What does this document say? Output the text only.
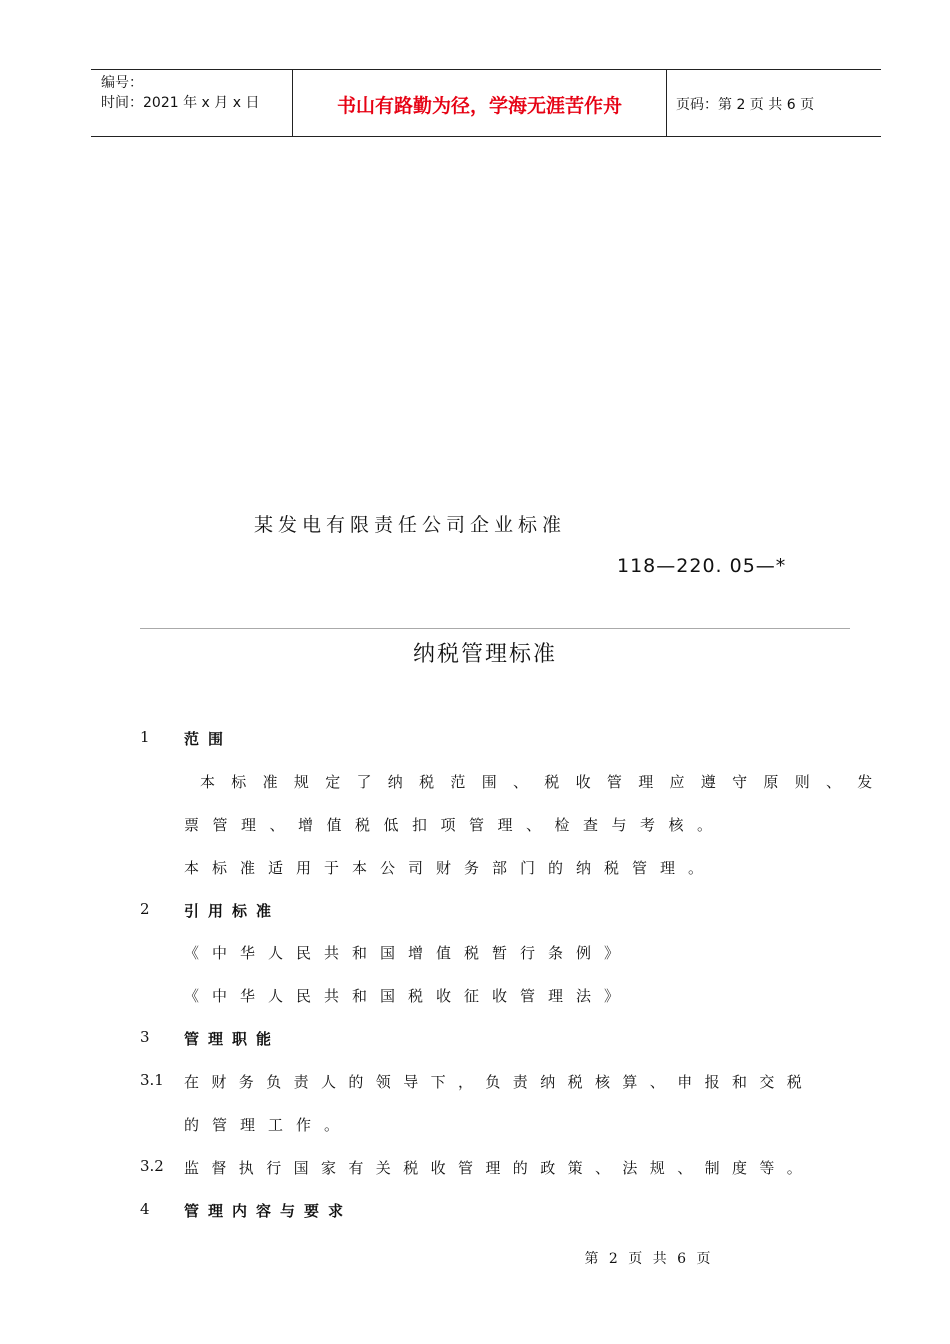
编号：
时间：2021 年 x 月 x 日	书山有路勤为径，学海无涯苦作舟	页码：第 2 页 共 6 页
某发电有限责任公司企业标准
118—220. 05—*
纳税管理标准
1 范围
本标准规定了纳税范围、税收管理应遵守原则、发
票管理、增值税低扣项管理、检查与考核。
本标准适用于本公司财务部门的纳税管理。
2 引用标准
《中华人民共和国增值税暂行条例》
《中华人民共和国税收征收管理法》
3 管理职能
3.1 在财务负责人的领导下，负责纳税核算、申报和交税
的管理工作。
3.2 监督执行国家有关税收管理的政策、法规、制度等。
4 管理内容与要求
第 2 页 共 6 页
